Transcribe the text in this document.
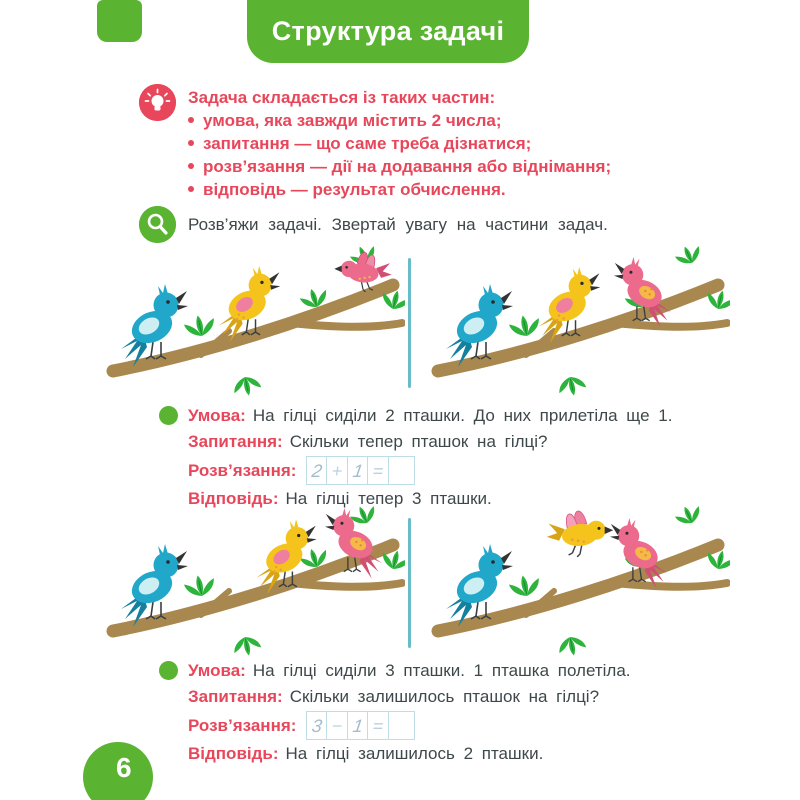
Структура задачі
Задача складається із таких частин:
умова, яка завжди містить 2 числа;
запитання — що саме треба дізнатися;
розв’язання — дії на додавання або віднімання;
відповідь — результат обчислення.
Розв’яжи задачі. Звертай увагу на частини задач.
Умова: На гілці сиділи 2 пташки. До них прилетіла ще 1.
Запитання: Скільки тепер пташок на гілці?
Розв’язання: 2 + 1 =
Відповідь: На гілці тепер 3 пташки.
Умова: На гілці сиділи 3 пташки. 1 пташка полетіла.
Запитання: Скільки залишилось пташок на гілці?
Розв’язання: 3 − 1 =
Відповідь: На гілці залишилось 2 пташки.
6
